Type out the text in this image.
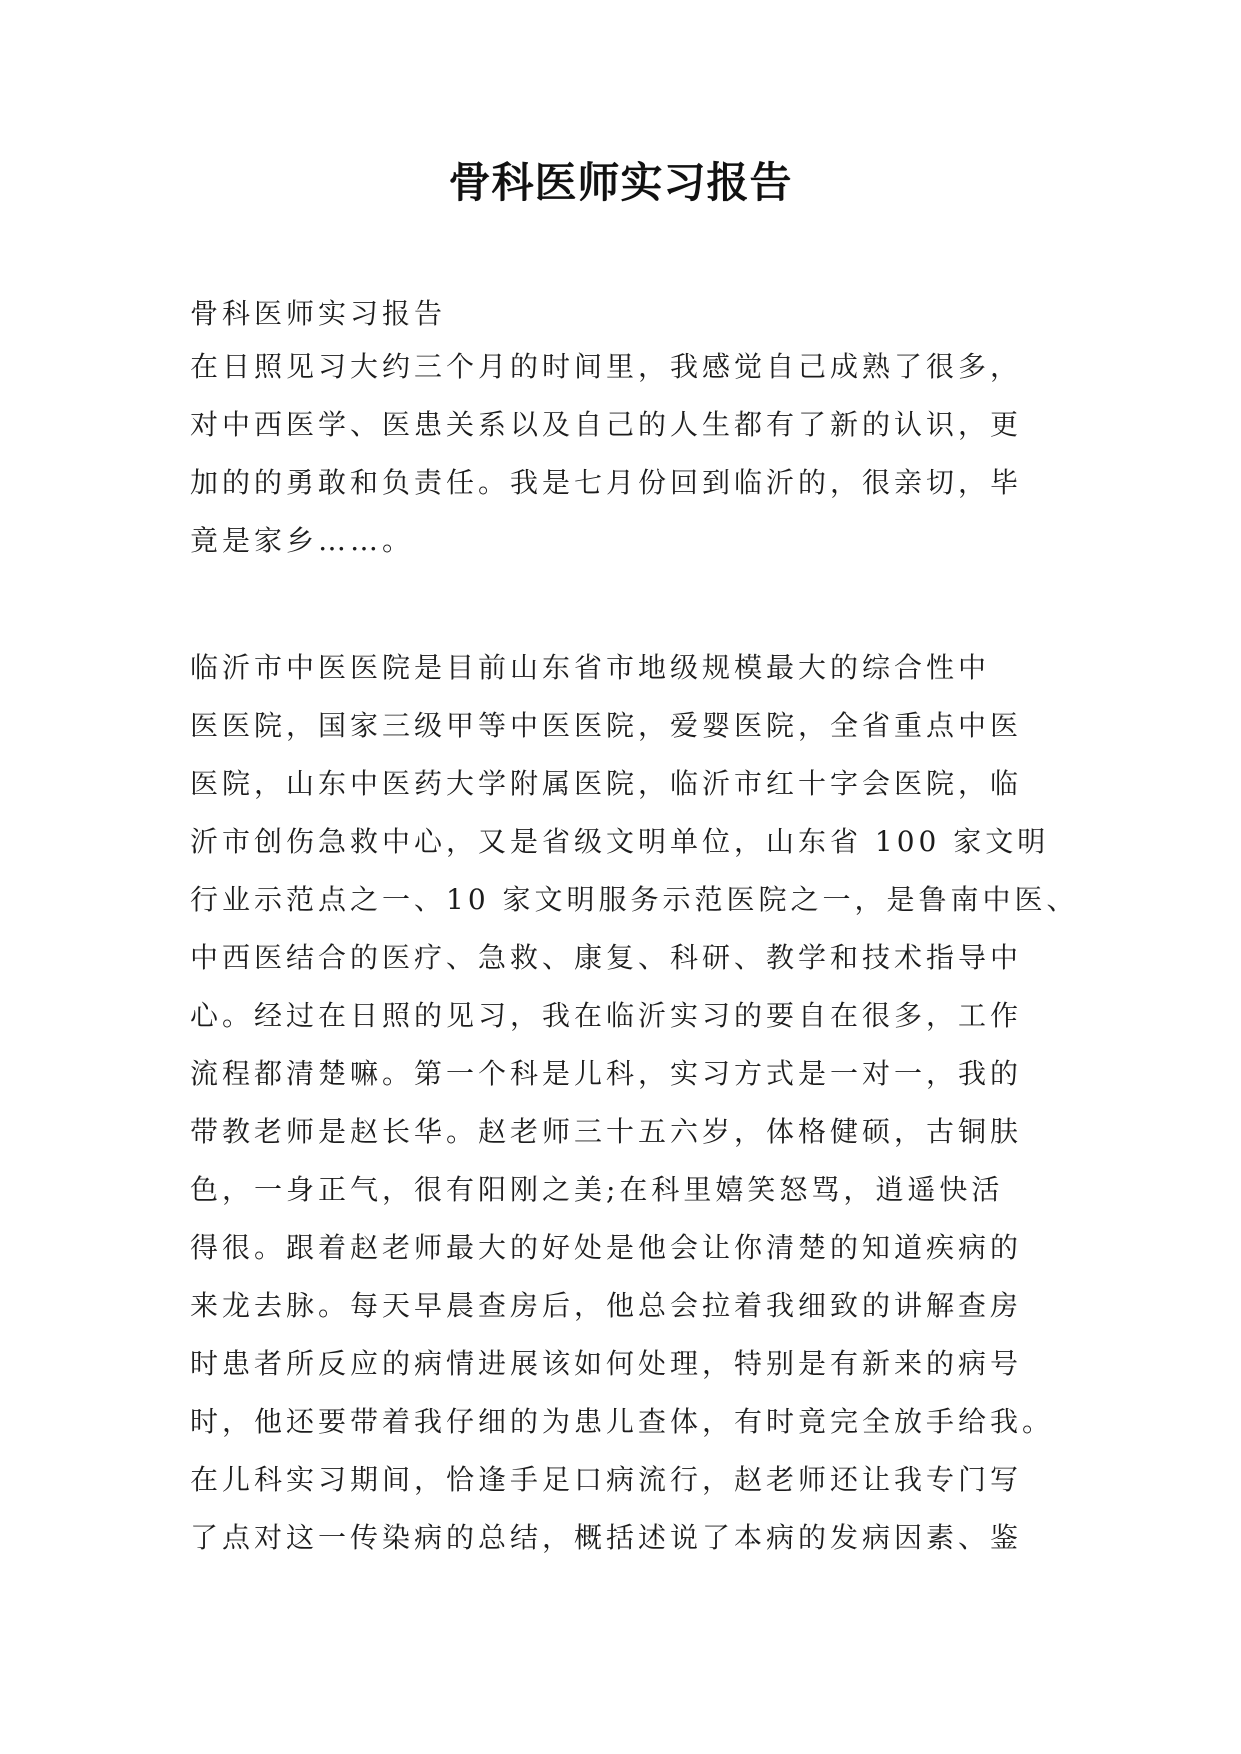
骨科医师实习报告
骨科医师实习报告
在日照见习大约三个月的时间里，我感觉自己成熟了很多，
对中西医学、医患关系以及自己的人生都有了新的认识，更
加的的勇敢和负责任。我是七月份回到临沂的，很亲切，毕
竟是家乡……。
临沂市中医医院是目前山东省市地级规模最大的综合性中
医医院，国家三级甲等中医医院，爱婴医院，全省重点中医
医院，山东中医药大学附属医院，临沂市红十字会医院，临
沂市创伤急救中心，又是省级文明单位，山东省 100 家文明
行业示范点之一、10 家文明服务示范医院之一，是鲁南中医、
中西医结合的医疗、急救、康复、科研、教学和技术指导中
心。经过在日照的见习，我在临沂实习的要自在很多，工作
流程都清楚嘛。第一个科是儿科，实习方式是一对一，我的
带教老师是赵长华。赵老师三十五六岁，体格健硕，古铜肤
色，一身正气，很有阳刚之美;在科里嬉笑怒骂，逍遥快活
得很。跟着赵老师最大的好处是他会让你清楚的知道疾病的
来龙去脉。每天早晨查房后，他总会拉着我细致的讲解查房
时患者所反应的病情进展该如何处理，特别是有新来的病号
时，他还要带着我仔细的为患儿查体，有时竟完全放手给我。
在儿科实习期间，恰逢手足口病流行，赵老师还让我专门写
了点对这一传染病的总结，概括述说了本病的发病因素、鉴
